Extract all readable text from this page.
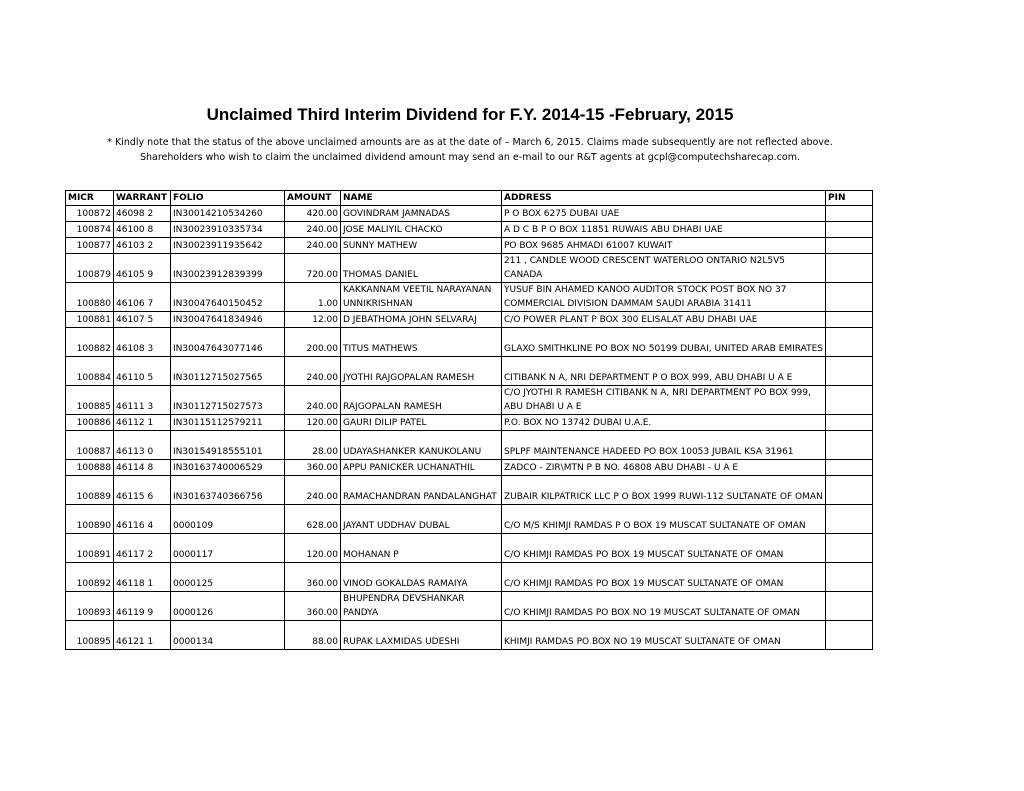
Unclaimed Third Interim Dividend for F.Y. 2014-15 -February, 2015
* Kindly note that the status of the above unclaimed amounts are as at the date of – March 6, 2015. Claims made subsequently are not reflected above.
Shareholders who wish to claim the unclaimed dividend amount may send an e-mail to our R&T agents at gcpl@computechsharecap.com.
MICR	WARRANT	FOLIO	AMOUNT	NAME	ADDRESS	PIN
100872	46098 2	IN30014210534260	420.00	GOVINDRAM JAMNADAS	P O BOX 6275 DUBAI UAE	
100874	46100 8	IN30023910335734	240.00	JOSE MALIYIL CHACKO	A D C B P O BOX 11851 RUWAIS ABU DHABI UAE	
100877	46103 2	IN30023911935642	240.00	SUNNY MATHEW	PO BOX 9685 AHMADI 61007 KUWAIT	
100879	46105 9	IN30023912839399	720.00	THOMAS DANIEL	211 , CANDLE WOOD CRESCENT WATERLOO ONTARIO N2L5V5 CANADA	
100880	46106 7	IN30047640150452	1.00	KAKKANNAM VEETIL NARAYANAN UNNIKRISHNAN	YUSUF BIN AHAMED KANOO AUDITOR STOCK POST BOX NO 37 COMMERCIAL DIVISION DAMMAM SAUDI ARABIA 31411	
100881	46107 5	IN30047641834946	12.00	D JEBATHOMA JOHN SELVARAJ	C/O POWER PLANT P BOX 300 ELISALAT ABU DHABI UAE	
100882	46108 3	IN30047643077146	200.00	TITUS MATHEWS	GLAXO SMITHKLINE PO BOX NO 50199 DUBAI, UNITED ARAB EMIRATES	
100884	46110 5	IN30112715027565	240.00	JYOTHI RAJGOPALAN RAMESH	CITIBANK N A, NRI DEPARTMENT P O BOX 999, ABU DHABI U A E	
100885	46111 3	IN30112715027573	240.00	RAJGOPALAN RAMESH	C/O JYOTHI R RAMESH CITIBANK N A, NRI DEPARTMENT PO BOX 999, ABU DHABI U A E	
100886	46112 1	IN30115112579211	120.00	GAURI DILIP PATEL	P.O. BOX NO 13742 DUBAI U.A.E.	
100887	46113 0	IN30154918555101	28.00	UDAYASHANKER KANUKOLANU	SPLPF MAINTENANCE HADEED PO BOX 10053 JUBAIL KSA 31961	
100888	46114 8	IN30163740006529	360.00	APPU PANICKER UCHANATHIL	ZADCO - ZIR\MTN P B NO. 46808 ABU DHABI - U A E	
100889	46115 6	IN30163740366756	240.00	RAMACHANDRAN PANDALANGHAT	ZUBAIR KILPATRICK LLC P O BOX 1999 RUWI-112 SULTANATE OF OMAN	
100890	46116 4	0000109	628.00	JAYANT UDDHAV DUBAL	C/O M/S KHIMJI RAMDAS P O BOX 19 MUSCAT SULTANATE OF OMAN	
100891	46117 2	0000117	120.00	MOHANAN P	C/O KHIMJI RAMDAS PO BOX 19 MUSCAT SULTANATE OF OMAN	
100892	46118 1	0000125	360.00	VINOD GOKALDAS RAMAIYA	C/O KHIMJI RAMDAS PO BOX 19 MUSCAT SULTANATE OF OMAN	
100893	46119 9	0000126	360.00	BHUPENDRA DEVSHANKAR PANDYA	C/O KHIMJI RAMDAS PO BOX NO 19 MUSCAT SULTANATE OF OMAN	
100895	46121 1	0000134	88.00	RUPAK LAXMIDAS UDESHI	KHIMJI RAMDAS PO BOX NO 19 MUSCAT SULTANATE OF OMAN	
